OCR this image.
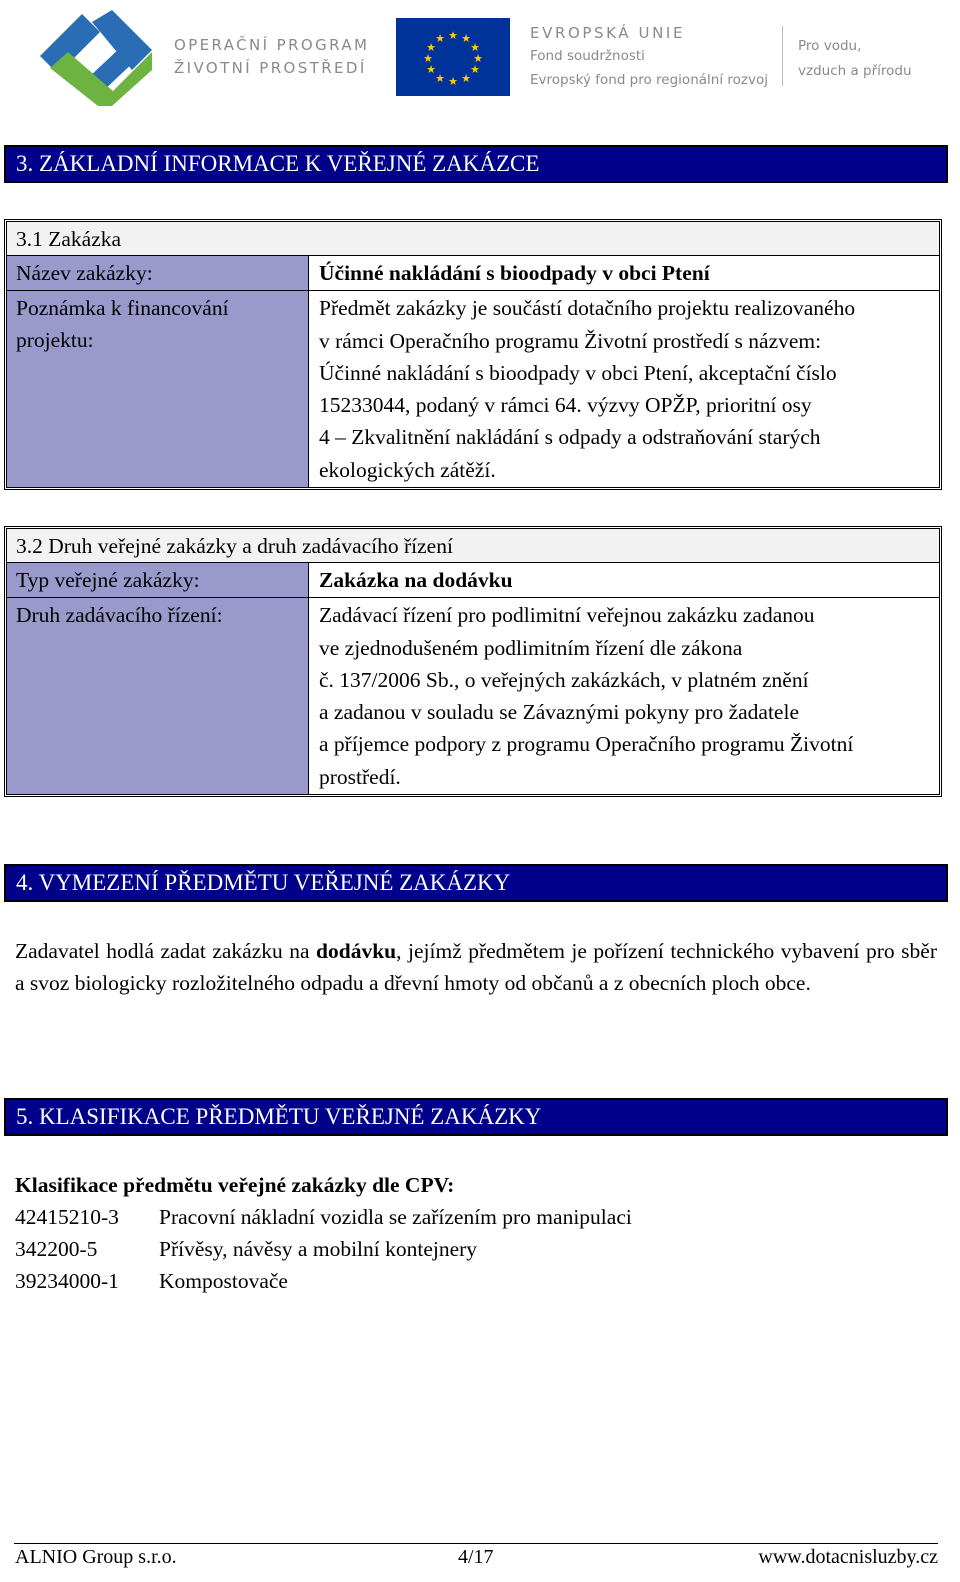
OPERAČNÍ PROGRAM
ŽIVOTNÍ PROSTŘEDÍ
★ ★
★
★
★
★
★
★
★
★
★
★	EVROPSKÁ UNIE
Fond soudržnosti
Evropský fond pro regionální rozvoj
Pro vodu,
vzduch a přírodu
3. ZÁKLADNÍ INFORMACE K VEŘEJNÉ ZAKÁZCE
3.1 Zakázka
Název zakázky:	Účinné nakládání s bioodpady v obci Ptení
Poznámka k financování
projektu:
Předmět zakázky je součástí dotačního projektu realizovaného
v rámci Operačního programu Životní prostředí s názvem:
Účinné nakládání s bioodpady v obci Ptení, akceptační číslo
15233044, podaný v rámci 64. výzvy OPŽP, prioritní osy
4 – Zkvalitnění nakládání s odpady a odstraňování starých
ekologických zátěží.
3.2 Druh veřejné zakázky a druh zadávacího řízení
Typ veřejné zakázky:	Zakázka na dodávku
Druh zadávacího řízení:	Zadávací řízení pro podlimitní veřejnou zakázku zadanou
ve zjednodušeném podlimitním řízení dle zákona
č. 137/2006 Sb., o veřejných zakázkách, v platném znění
a zadanou v souladu se Závaznými pokyny pro žadatele
a příjemce podpory z programu Operačního programu Životní
prostředí.
4. VYMEZENÍ PŘEDMĚTU VEŘEJNÉ ZAKÁZKY
Zadavatel hodlá zadat zakázku na dodávku, jejímž předmětem je pořízení technického vybavení pro sběr a svoz biologicky rozložitelného odpadu a dřevní hmoty od občanů a z obecních ploch obce.
5. KLASIFIKACE PŘEDMĚTU VEŘEJNÉ ZAKÁZKY
Klasifikace předmětu veřejné zakázky dle CPV:
42415210-3	Pracovní nákladní vozidla se zařízením pro manipulaci
342200-5	Přívěsy, návěsy a mobilní kontejnery
39234000-1	Kompostovače
ALNIO Group s.r.o.	4/17	www.dotacnisluzby.cz
